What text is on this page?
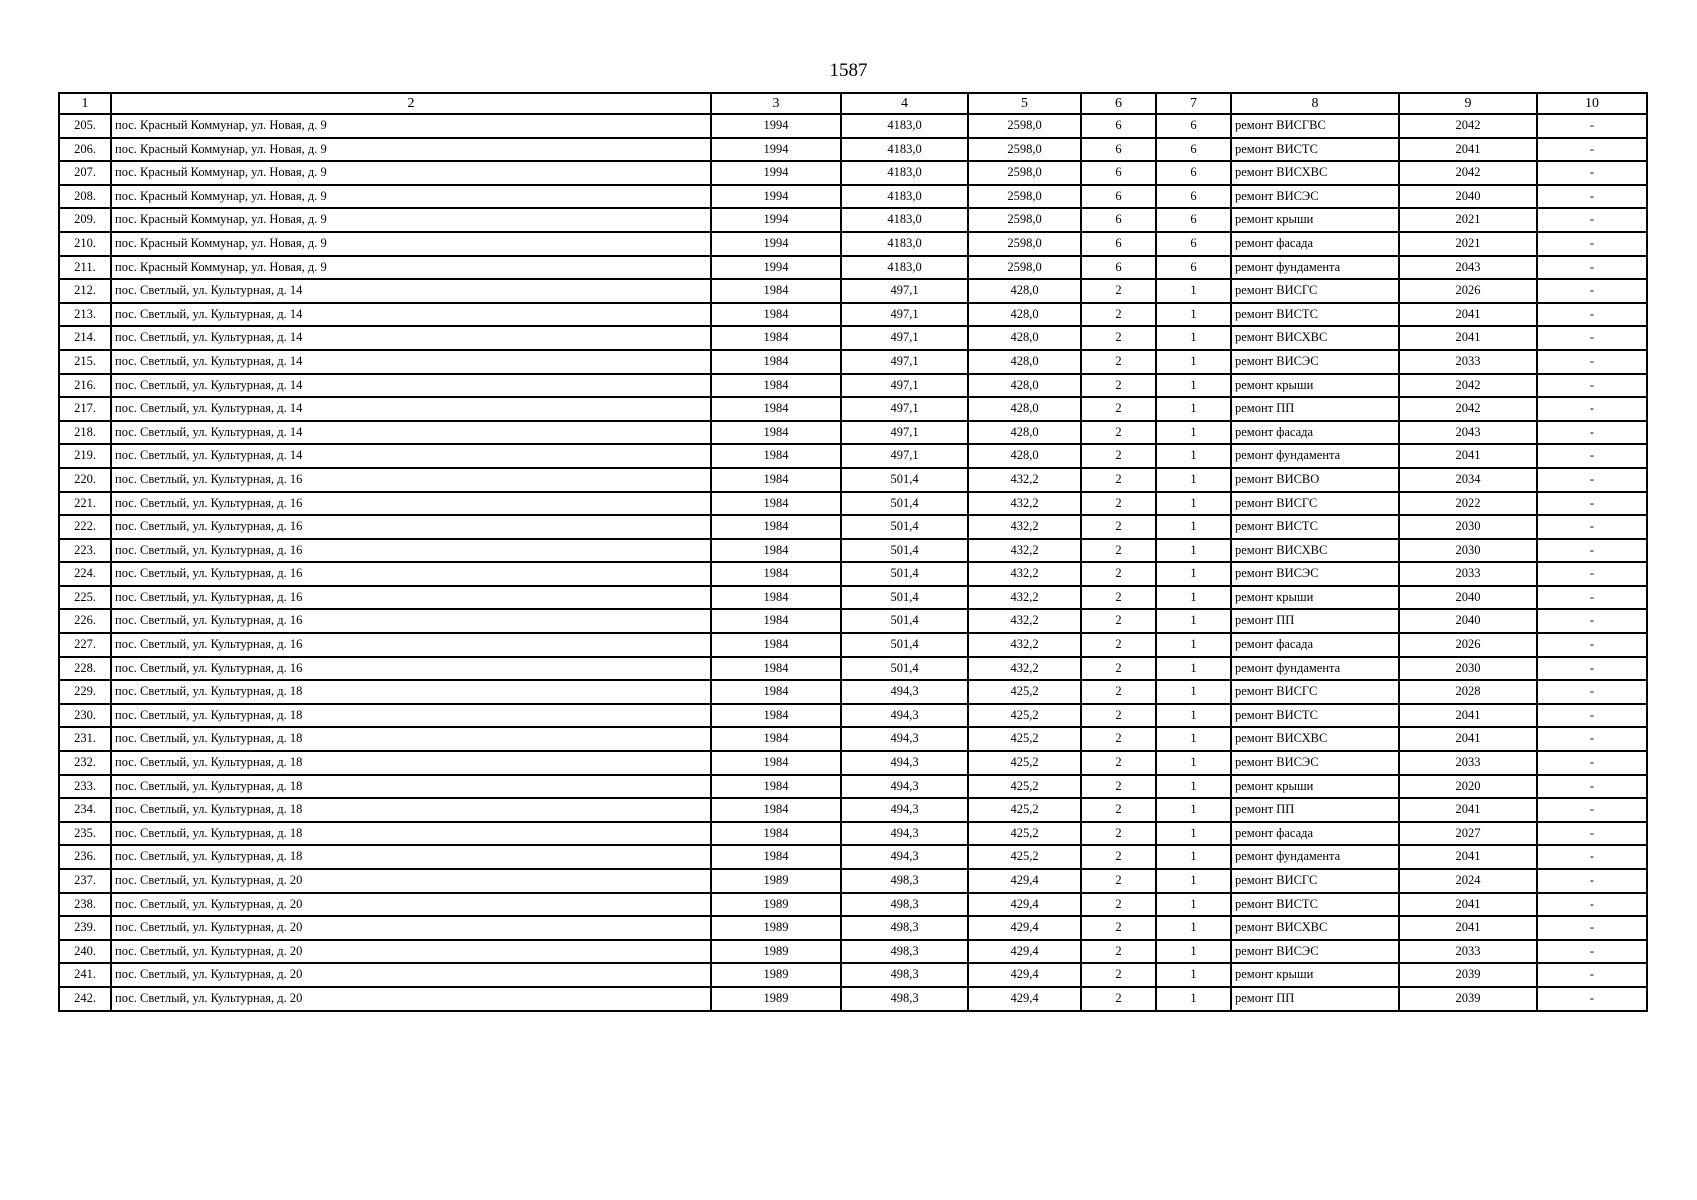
1587
1	2	3	4	5	6	7	8	9	10
205.	пос. Красный Коммунар, ул. Новая, д. 9	1994	4183,0	2598,0	6	6	ремонт ВИСГВС	2042	-
206.	пос. Красный Коммунар, ул. Новая, д. 9	1994	4183,0	2598,0	6	6	ремонт ВИСТС	2041	-
207.	пос. Красный Коммунар, ул. Новая, д. 9	1994	4183,0	2598,0	6	6	ремонт ВИСХВС	2042	-
208.	пос. Красный Коммунар, ул. Новая, д. 9	1994	4183,0	2598,0	6	6	ремонт ВИСЭС	2040	-
209.	пос. Красный Коммунар, ул. Новая, д. 9	1994	4183,0	2598,0	6	6	ремонт крыши	2021	-
210.	пос. Красный Коммунар, ул. Новая, д. 9	1994	4183,0	2598,0	6	6	ремонт фасада	2021	-
211.	пос. Красный Коммунар, ул. Новая, д. 9	1994	4183,0	2598,0	6	6	ремонт фундамента	2043	-
212.	пос. Светлый, ул. Культурная, д. 14	1984	497,1	428,0	2	1	ремонт ВИСГС	2026	-
213.	пос. Светлый, ул. Культурная, д. 14	1984	497,1	428,0	2	1	ремонт ВИСТС	2041	-
214.	пос. Светлый, ул. Культурная, д. 14	1984	497,1	428,0	2	1	ремонт ВИСХВС	2041	-
215.	пос. Светлый, ул. Культурная, д. 14	1984	497,1	428,0	2	1	ремонт ВИСЭС	2033	-
216.	пос. Светлый, ул. Культурная, д. 14	1984	497,1	428,0	2	1	ремонт крыши	2042	-
217.	пос. Светлый, ул. Культурная, д. 14	1984	497,1	428,0	2	1	ремонт ПП	2042	-
218.	пос. Светлый, ул. Культурная, д. 14	1984	497,1	428,0	2	1	ремонт фасада	2043	-
219.	пос. Светлый, ул. Культурная, д. 14	1984	497,1	428,0	2	1	ремонт фундамента	2041	-
220.	пос. Светлый, ул. Культурная, д. 16	1984	501,4	432,2	2	1	ремонт ВИСВО	2034	-
221.	пос. Светлый, ул. Культурная, д. 16	1984	501,4	432,2	2	1	ремонт ВИСГС	2022	-
222.	пос. Светлый, ул. Культурная, д. 16	1984	501,4	432,2	2	1	ремонт ВИСТС	2030	-
223.	пос. Светлый, ул. Культурная, д. 16	1984	501,4	432,2	2	1	ремонт ВИСХВС	2030	-
224.	пос. Светлый, ул. Культурная, д. 16	1984	501,4	432,2	2	1	ремонт ВИСЭС	2033	-
225.	пос. Светлый, ул. Культурная, д. 16	1984	501,4	432,2	2	1	ремонт крыши	2040	-
226.	пос. Светлый, ул. Культурная, д. 16	1984	501,4	432,2	2	1	ремонт ПП	2040	-
227.	пос. Светлый, ул. Культурная, д. 16	1984	501,4	432,2	2	1	ремонт фасада	2026	-
228.	пос. Светлый, ул. Культурная, д. 16	1984	501,4	432,2	2	1	ремонт фундамента	2030	-
229.	пос. Светлый, ул. Культурная, д. 18	1984	494,3	425,2	2	1	ремонт ВИСГС	2028	-
230.	пос. Светлый, ул. Культурная, д. 18	1984	494,3	425,2	2	1	ремонт ВИСТС	2041	-
231.	пос. Светлый, ул. Культурная, д. 18	1984	494,3	425,2	2	1	ремонт ВИСХВС	2041	-
232.	пос. Светлый, ул. Культурная, д. 18	1984	494,3	425,2	2	1	ремонт ВИСЭС	2033	-
233.	пос. Светлый, ул. Культурная, д. 18	1984	494,3	425,2	2	1	ремонт крыши	2020	-
234.	пос. Светлый, ул. Культурная, д. 18	1984	494,3	425,2	2	1	ремонт ПП	2041	-
235.	пос. Светлый, ул. Культурная, д. 18	1984	494,3	425,2	2	1	ремонт фасада	2027	-
236.	пос. Светлый, ул. Культурная, д. 18	1984	494,3	425,2	2	1	ремонт фундамента	2041	-
237.	пос. Светлый, ул. Культурная, д. 20	1989	498,3	429,4	2	1	ремонт ВИСГС	2024	-
238.	пос. Светлый, ул. Культурная, д. 20	1989	498,3	429,4	2	1	ремонт ВИСТС	2041	-
239.	пос. Светлый, ул. Культурная, д. 20	1989	498,3	429,4	2	1	ремонт ВИСХВС	2041	-
240.	пос. Светлый, ул. Культурная, д. 20	1989	498,3	429,4	2	1	ремонт ВИСЭС	2033	-
241.	пос. Светлый, ул. Культурная, д. 20	1989	498,3	429,4	2	1	ремонт крыши	2039	-
242.	пос. Светлый, ул. Культурная, д. 20	1989	498,3	429,4	2	1	ремонт ПП	2039	-
